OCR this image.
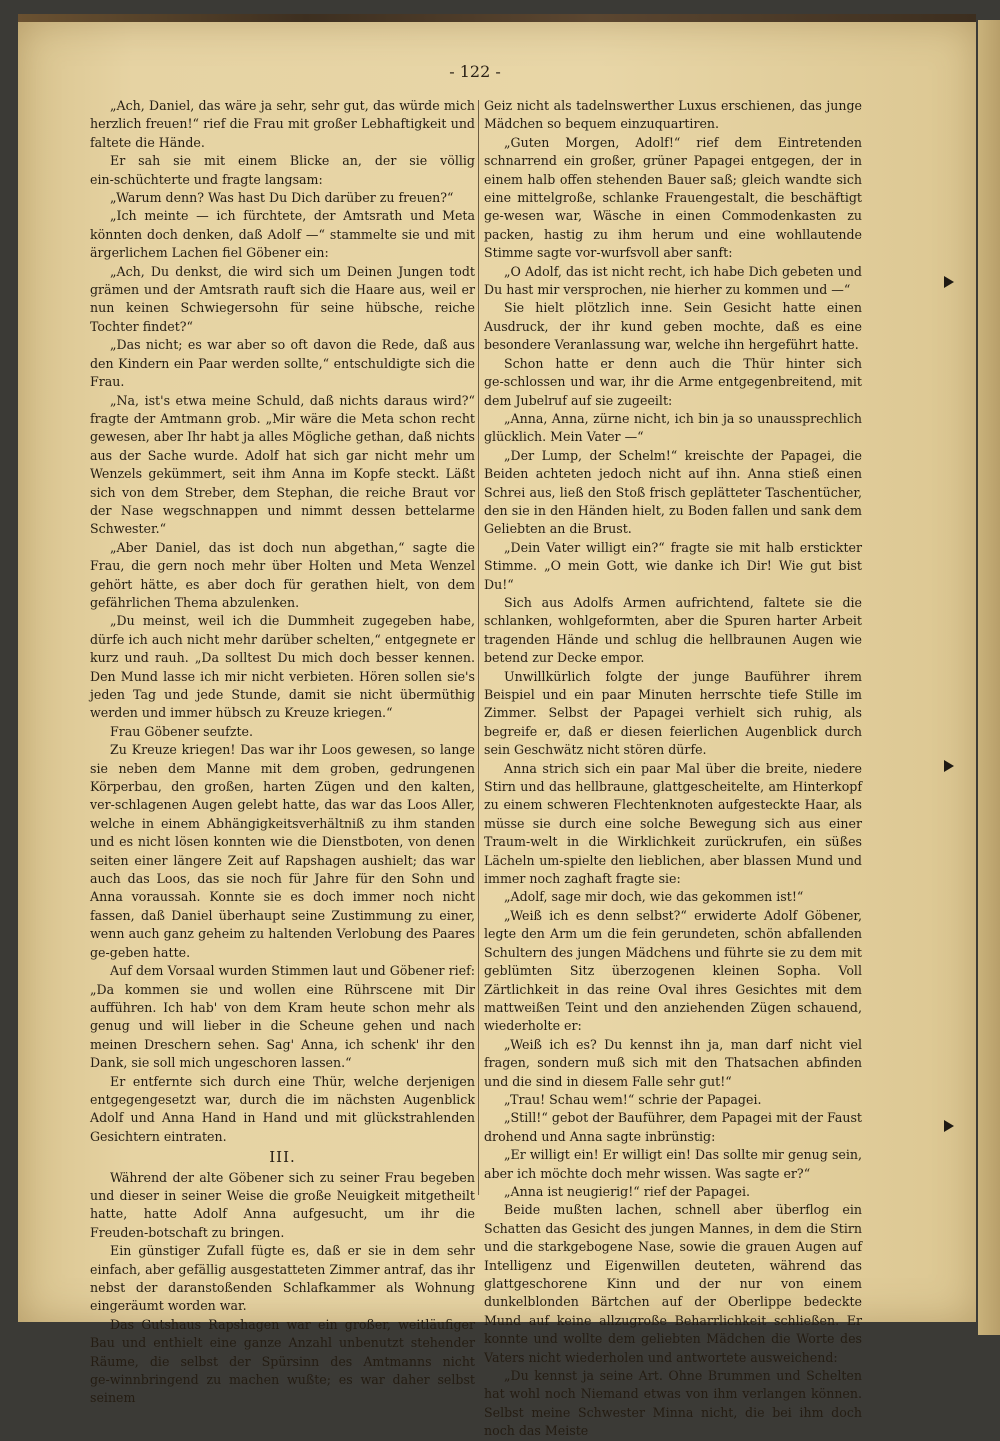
- 122 -

„Ach, Daniel, das wäre ja sehr, sehr gut, das würde mich herzlich freuen!“ rief die Frau mit großer Lebhaftigkeit und faltete die Hände.

Er sah sie mit einem Blicke an, der sie völlig ein‑schüchterte und fragte langsam:

„Warum denn? Was hast Du Dich darüber zu freuen?“

„Ich meinte — ich fürchtete, der Amtsrath und Meta könnten doch denken, daß Adolf —“ stammelte sie und mit ärgerlichem Lachen fiel Göbener ein:

„Ach, Du denkst, die wird sich um Deinen Jungen todt grämen und der Amtsrath rauft sich die Haare aus, weil er nun keinen Schwiegersohn für seine hübsche, reiche Tochter findet?“

„Das nicht; es war aber so oft davon die Rede, daß aus den Kindern ein Paar werden sollte,“ entschuldigte sich die Frau.

„Na, ist's etwa meine Schuld, daß nichts daraus wird?“ fragte der Amtmann grob. „Mir wäre die Meta schon recht gewesen, aber Ihr habt ja alles Mögliche gethan, daß nichts aus der Sache wurde. Adolf hat sich gar nicht mehr um Wenzels gekümmert, seit ihm Anna im Kopfe steckt. Läßt sich von dem Streber, dem Stephan, die reiche Braut vor der Nase wegschnappen und nimmt dessen bettelarme Schwester.“

„Aber Daniel, das ist doch nun abgethan,“ sagte die Frau, die gern noch mehr über Holten und Meta Wenzel gehört hätte, es aber doch für gerathen hielt, von dem gefährlichen Thema abzulenken.

„Du meinst, weil ich die Dummheit zugegeben habe, dürfe ich auch nicht mehr darüber schelten,“ entgegnete er kurz und rauh. „Da solltest Du mich doch besser kennen. Den Mund lasse ich mir nicht verbieten. Hören sollen sie's jeden Tag und jede Stunde, damit sie nicht übermüthig werden und immer hübsch zu Kreuze kriegen.“

Frau Göbener seufzte.

Zu Kreuze kriegen! Das war ihr Loos gewesen, so lange sie neben dem Manne mit dem groben, gedrungenen Körperbau, den großen, harten Zügen und den kalten, ver‑schlagenen Augen gelebt hatte, das war das Loos Aller, welche in einem Abhängigkeitsverhältniß zu ihm standen und es nicht lösen konnten wie die Dienstboten, von denen seiten einer längere Zeit auf Rapshagen aushielt; das war auch das Loos, das sie noch für Jahre für den Sohn und Anna voraussah. Konnte sie es doch immer noch nicht fassen, daß Daniel überhaupt seine Zustimmung zu einer, wenn auch ganz geheim zu haltenden Verlobung des Paares ge‑geben hatte.

Auf dem Vorsaal wurden Stimmen laut und Göbener rief: „Da kommen sie und wollen eine Rührscene mit Dir aufführen. Ich hab' von dem Kram heute schon mehr als genug und will lieber in die Scheune gehen und nach meinen Dreschern sehen. Sag' Anna, ich schenk' ihr den Dank, sie soll mich ungeschoren lassen.“

Er entfernte sich durch eine Thür, welche derjenigen entgegengesetzt war, durch die im nächsten Augenblick Adolf und Anna Hand in Hand und mit glückstrahlenden Gesichtern eintraten.

III.

Während der alte Göbener sich zu seiner Frau begeben und dieser in seiner Weise die große Neuigkeit mitgetheilt hatte, hatte Adolf Anna aufgesucht, um ihr die Freuden‑botschaft zu bringen.

Ein günstiger Zufall fügte es, daß er sie in dem sehr einfach, aber gefällig ausgestatteten Zimmer antraf, das ihr nebst der daranstoßenden Schlafkammer als Wohnung eingeräumt worden war.

Das Gutshaus Rapshagen war ein großer, weitläufiger Bau und enthielt eine ganze Anzahl unbenutzt stehender Räume, die selbst der Spürsinn des Amtmanns nicht ge‑winnbringend zu machen wußte; es war daher selbst seinem

Geiz nicht als tadelnswerther Luxus erschienen, das junge Mädchen so bequem einzuquartiren.

„Guten Morgen, Adolf!“ rief dem Eintretenden schnarrend ein großer, grüner Papagei entgegen, der in einem halb offen stehenden Bauer saß; gleich wandte sich eine mittelgroße, schlanke Frauengestalt, die beschäftigt ge‑wesen war, Wäsche in einen Commodenkasten zu packen, hastig zu ihm herum und eine wohllautende Stimme sagte vor‑wurfsvoll aber sanft:

„O Adolf, das ist nicht recht, ich habe Dich gebeten und Du hast mir versprochen, nie hierher zu kommen und —“

Sie hielt plötzlich inne. Sein Gesicht hatte einen Ausdruck, der ihr kund geben mochte, daß es eine besondere Veranlassung war, welche ihn hergeführt hatte.

Schon hatte er denn auch die Thür hinter sich ge‑schlossen und war, ihr die Arme entgegenbreitend, mit dem Jubelruf auf sie zugeeilt:

„Anna, Anna, zürne nicht, ich bin ja so unaussprechlich glücklich. Mein Vater —“

„Der Lump, der Schelm!“ kreischte der Papagei, die Beiden achteten jedoch nicht auf ihn. Anna stieß einen Schrei aus, ließ den Stoß frisch geplätteter Taschentücher, den sie in den Händen hielt, zu Boden fallen und sank dem Geliebten an die Brust.

„Dein Vater willigt ein?“ fragte sie mit halb erstickter Stimme. „O mein Gott, wie danke ich Dir! Wie gut bist Du!“

Sich aus Adolfs Armen aufrichtend, faltete sie die schlanken, wohlgeformten, aber die Spuren harter Arbeit tragenden Hände und schlug die hellbraunen Augen wie betend zur Decke empor.

Unwillkürlich folgte der junge Bauführer ihrem Beispiel und ein paar Minuten herrschte tiefe Stille im Zimmer. Selbst der Papagei verhielt sich ruhig, als begreife er, daß er diesen feierlichen Augenblick durch sein Geschwätz nicht stören dürfe.

Anna strich sich ein paar Mal über die breite, niedere Stirn und das hellbraune, glattgescheitelte, am Hinterkopf zu einem schweren Flechtenknoten aufgesteckte Haar, als müsse sie durch eine solche Bewegung sich aus einer Traum‑welt in die Wirklichkeit zurückrufen, ein süßes Lächeln um‑spielte den lieblichen, aber blassen Mund und immer noch zaghaft fragte sie:

„Adolf, sage mir doch, wie das gekommen ist!“

„Weiß ich es denn selbst?“ erwiderte Adolf Göbener, legte den Arm um die fein gerundeten, schön abfallenden Schultern des jungen Mädchens und führte sie zu dem mit geblümten Sitz überzogenen kleinen Sopha. Voll Zärtlichkeit in das reine Oval ihres Gesichtes mit dem mattweißen Teint und den anziehenden Zügen schauend, wiederholte er:

„Weiß ich es? Du kennst ihn ja, man darf nicht viel fragen, sondern muß sich mit den Thatsachen abfinden und die sind in diesem Falle sehr gut!“

„Trau! Schau wem!“ schrie der Papagei.

„Still!“ gebot der Bauführer, dem Papagei mit der Faust drohend und Anna sagte inbrünstig:

„Er willigt ein! Er willigt ein! Das sollte mir genug sein, aber ich möchte doch mehr wissen. Was sagte er?“

„Anna ist neugierig!“ rief der Papagei.

Beide mußten lachen, schnell aber überflog ein Schatten das Gesicht des jungen Mannes, in dem die Stirn und die starkgebogene Nase, sowie die grauen Augen auf Intelligenz und Eigenwillen deuteten, während das glattgeschorene Kinn und der nur von einem dunkelblonden Bärtchen auf der Oberlippe bedeckte Mund auf keine allzugroße Beharrlichkeit schließen. Er konnte und wollte dem geliebten Mädchen die Worte des Vaters nicht wiederholen und antwortete ausweichend:

„Du kennst ja seine Art. Ohne Brummen und Schelten hat wohl noch Niemand etwas von ihm verlangen können. Selbst meine Schwester Minna nicht, die bei ihm doch noch das Meiste
